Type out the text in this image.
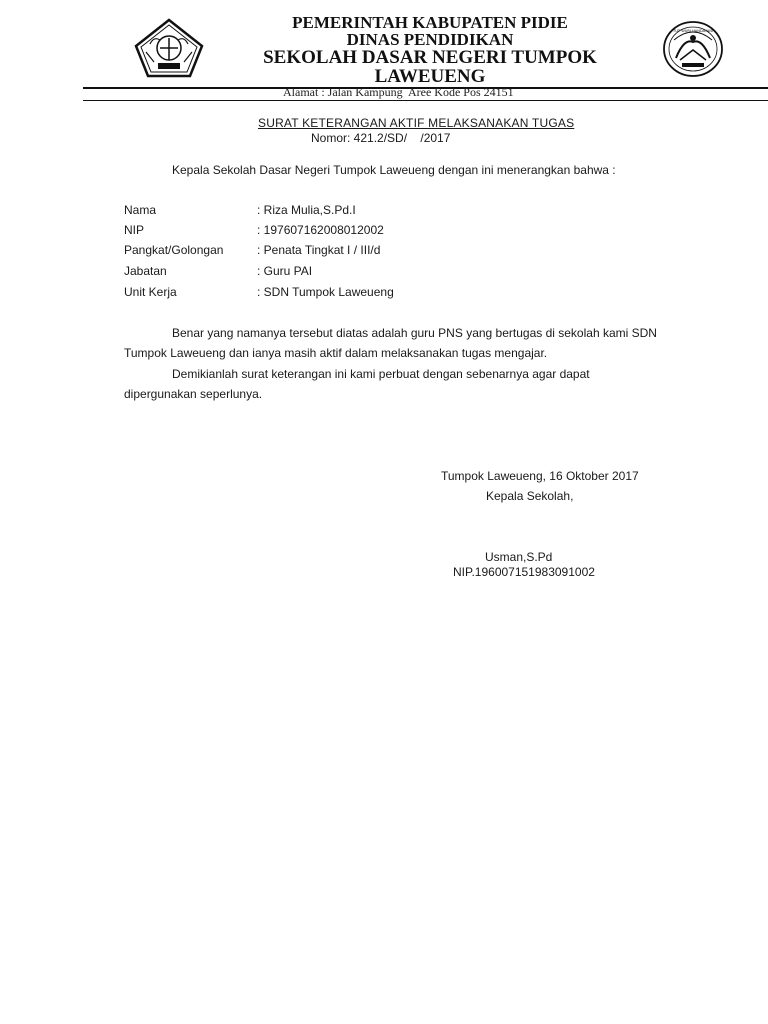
PEMERINTAH KABUPATEN PIDIE
DINAS PENDIDIKAN
SEKOLAH DASAR NEGERI TUMPOK
LAWEUENG
TUT WURI HANDAYANI
Alamat : Jalan Kampung  Aree Kode Pos 24151
SURAT KETERANGAN AKTIF MELAKSANAKAN TUGAS
Nomor: 421.2/SD/    /2017
Kepala Sekolah Dasar Negeri Tumpok Laweueng dengan ini menerangkan bahwa :
Nama	: Riza Mulia,S.Pd.I
NIP	: 197607162008012002
Pangkat/Golongan	: Penata Tingkat I / III/d
Jabatan	: Guru PAI
Unit Kerja	: SDN Tumpok Laweueng
Benar yang namanya tersebut diatas adalah guru PNS yang bertugas di sekolah kami SDN
Tumpok Laweueng dan ianya masih aktif dalam melaksanakan tugas mengajar.
Demikianlah surat keterangan ini kami perbuat dengan sebenarnya agar dapat
dipergunakan seperlunya.
Tumpok Laweueng, 16 Oktober 2017
Kepala Sekolah,
Usman,S.Pd
NIP.196007151983091002
